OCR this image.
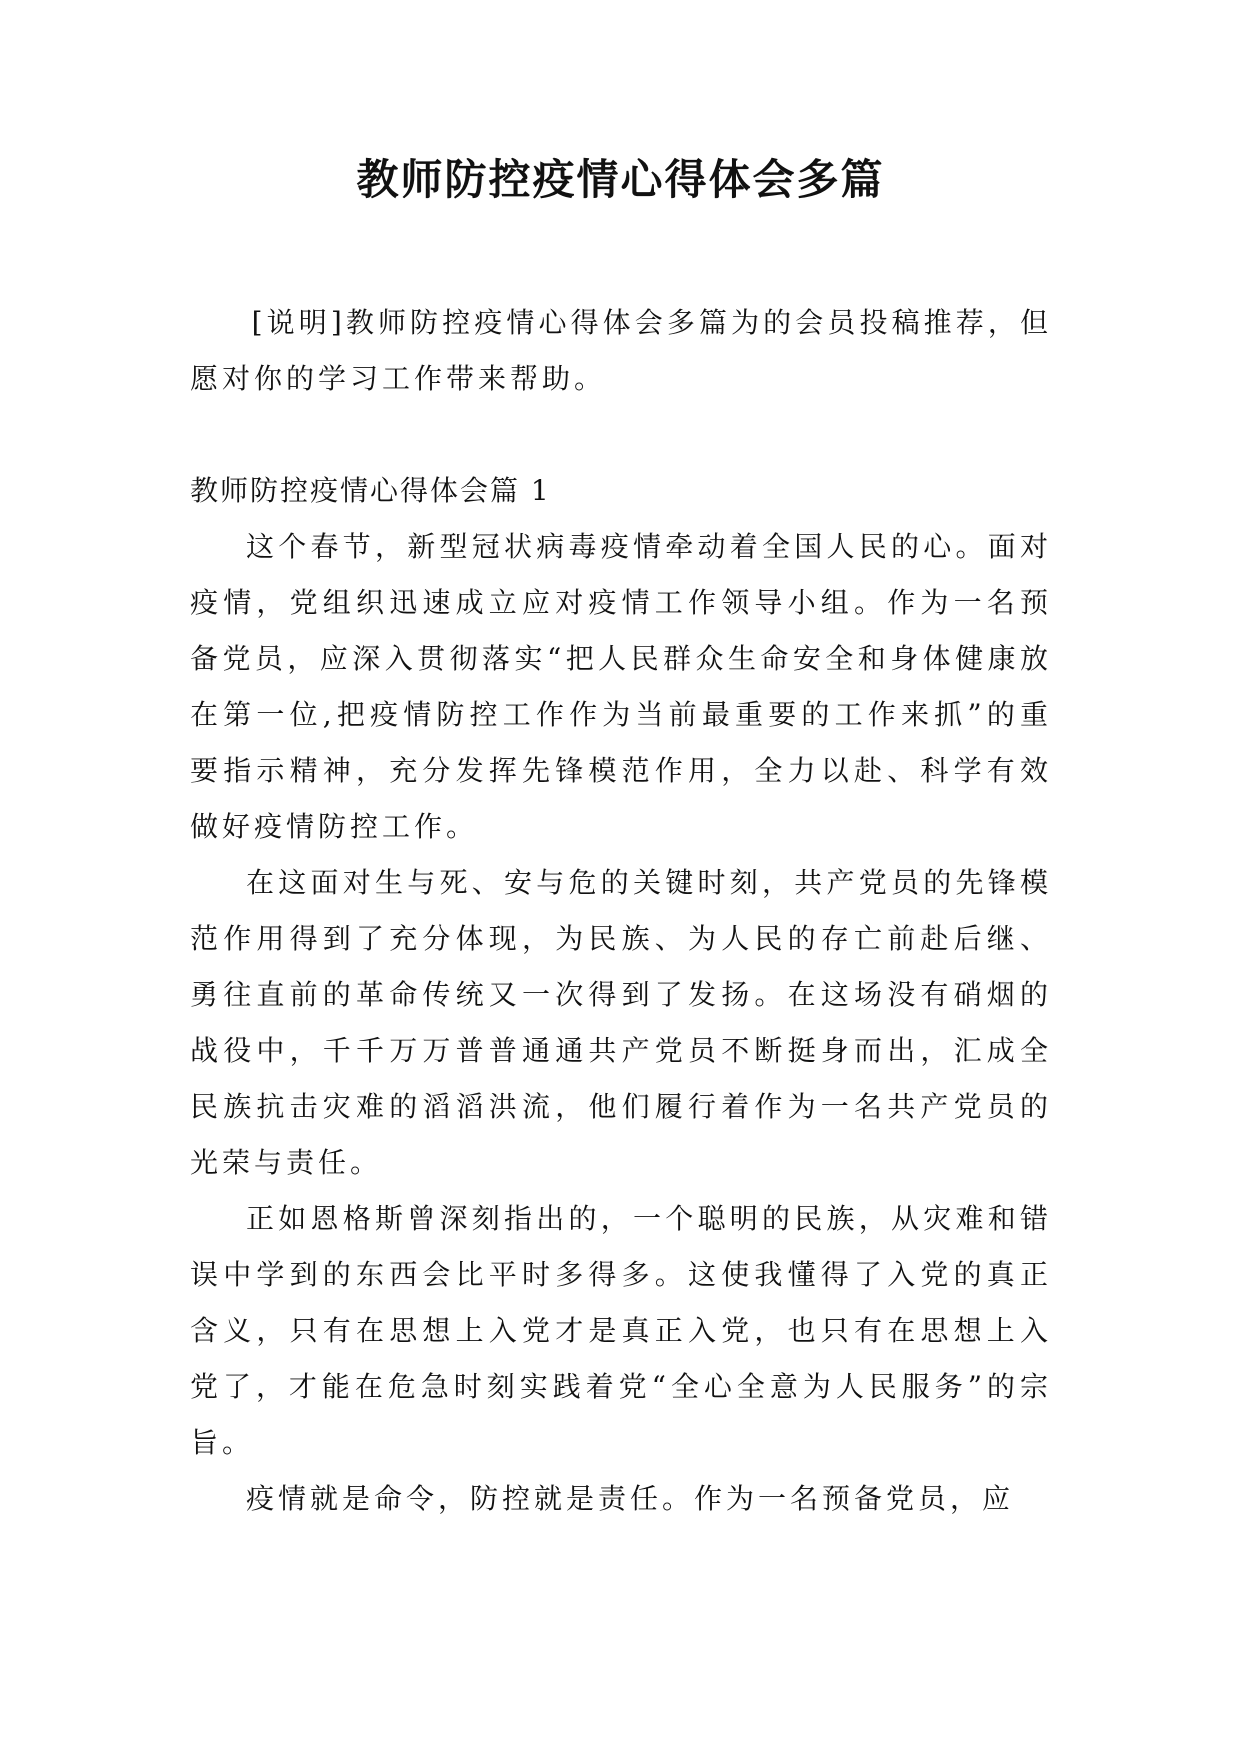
教师防控疫情心得体会多篇

[说明]教师防控疫情心得体会多篇为的会员投稿推荐，但愿对你的学习工作带来帮助。

教师防控疫情心得体会篇 1

这个春节，新型冠状病毒疫情牵动着全国人民的心。面对疫情，党组织迅速成立应对疫情工作领导小组。作为一名预备党员，应深入贯彻落实“把人民群众生命安全和身体健康放在第一位,把疫情防控工作作为当前最重要的工作来抓”的重要指示精神，充分发挥先锋模范作用，全力以赴、科学有效做好疫情防控工作。

在这面对生与死、安与危的关键时刻，共产党员的先锋模范作用得到了充分体现，为民族、为人民的存亡前赴后继、勇往直前的革命传统又一次得到了发扬。在这场没有硝烟的战役中，千千万万普普通通共产党员不断挺身而出，汇成全民族抗击灾难的滔滔洪流，他们履行着作为一名共产党员的光荣与责任。

正如恩格斯曾深刻指出的，一个聪明的民族，从灾难和错误中学到的东西会比平时多得多。这使我懂得了入党的真正含义，只有在思想上入党才是真正入党，也只有在思想上入党了，才能在危急时刻实践着党“全心全意为人民服务”的宗旨。

疫情就是命令，防控就是责任。作为一名预备党员，应
